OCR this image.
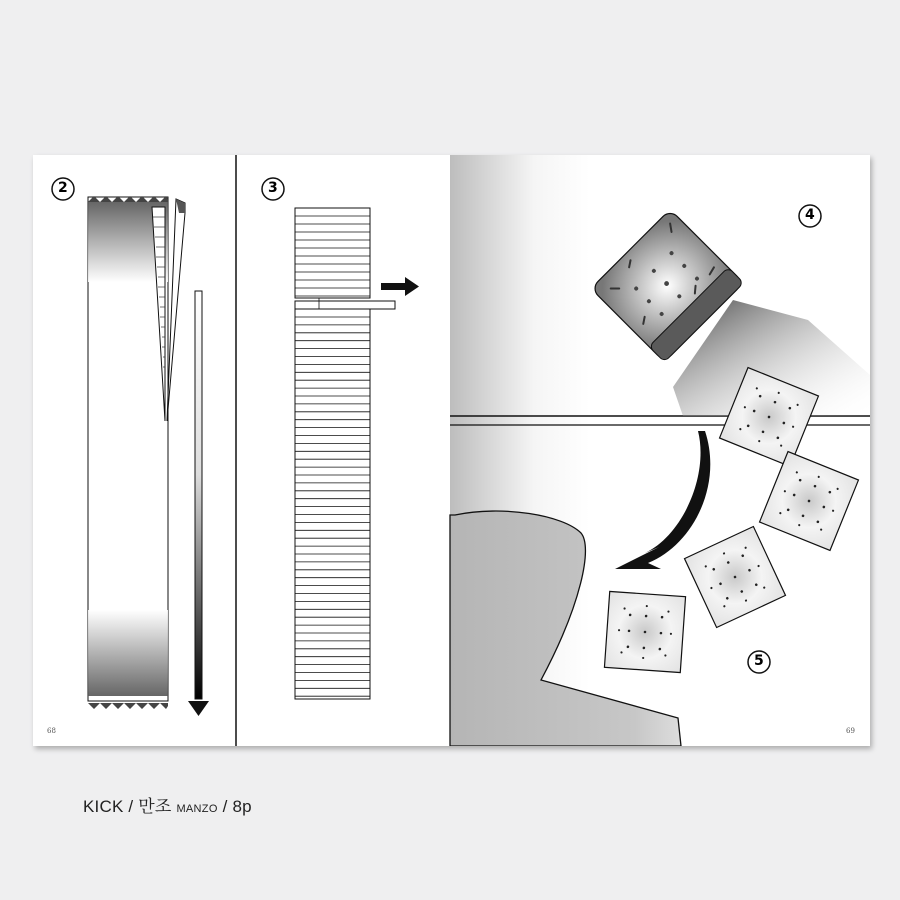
2	3
4
5
68	69
KICK / 만조 MANZO / 8p
